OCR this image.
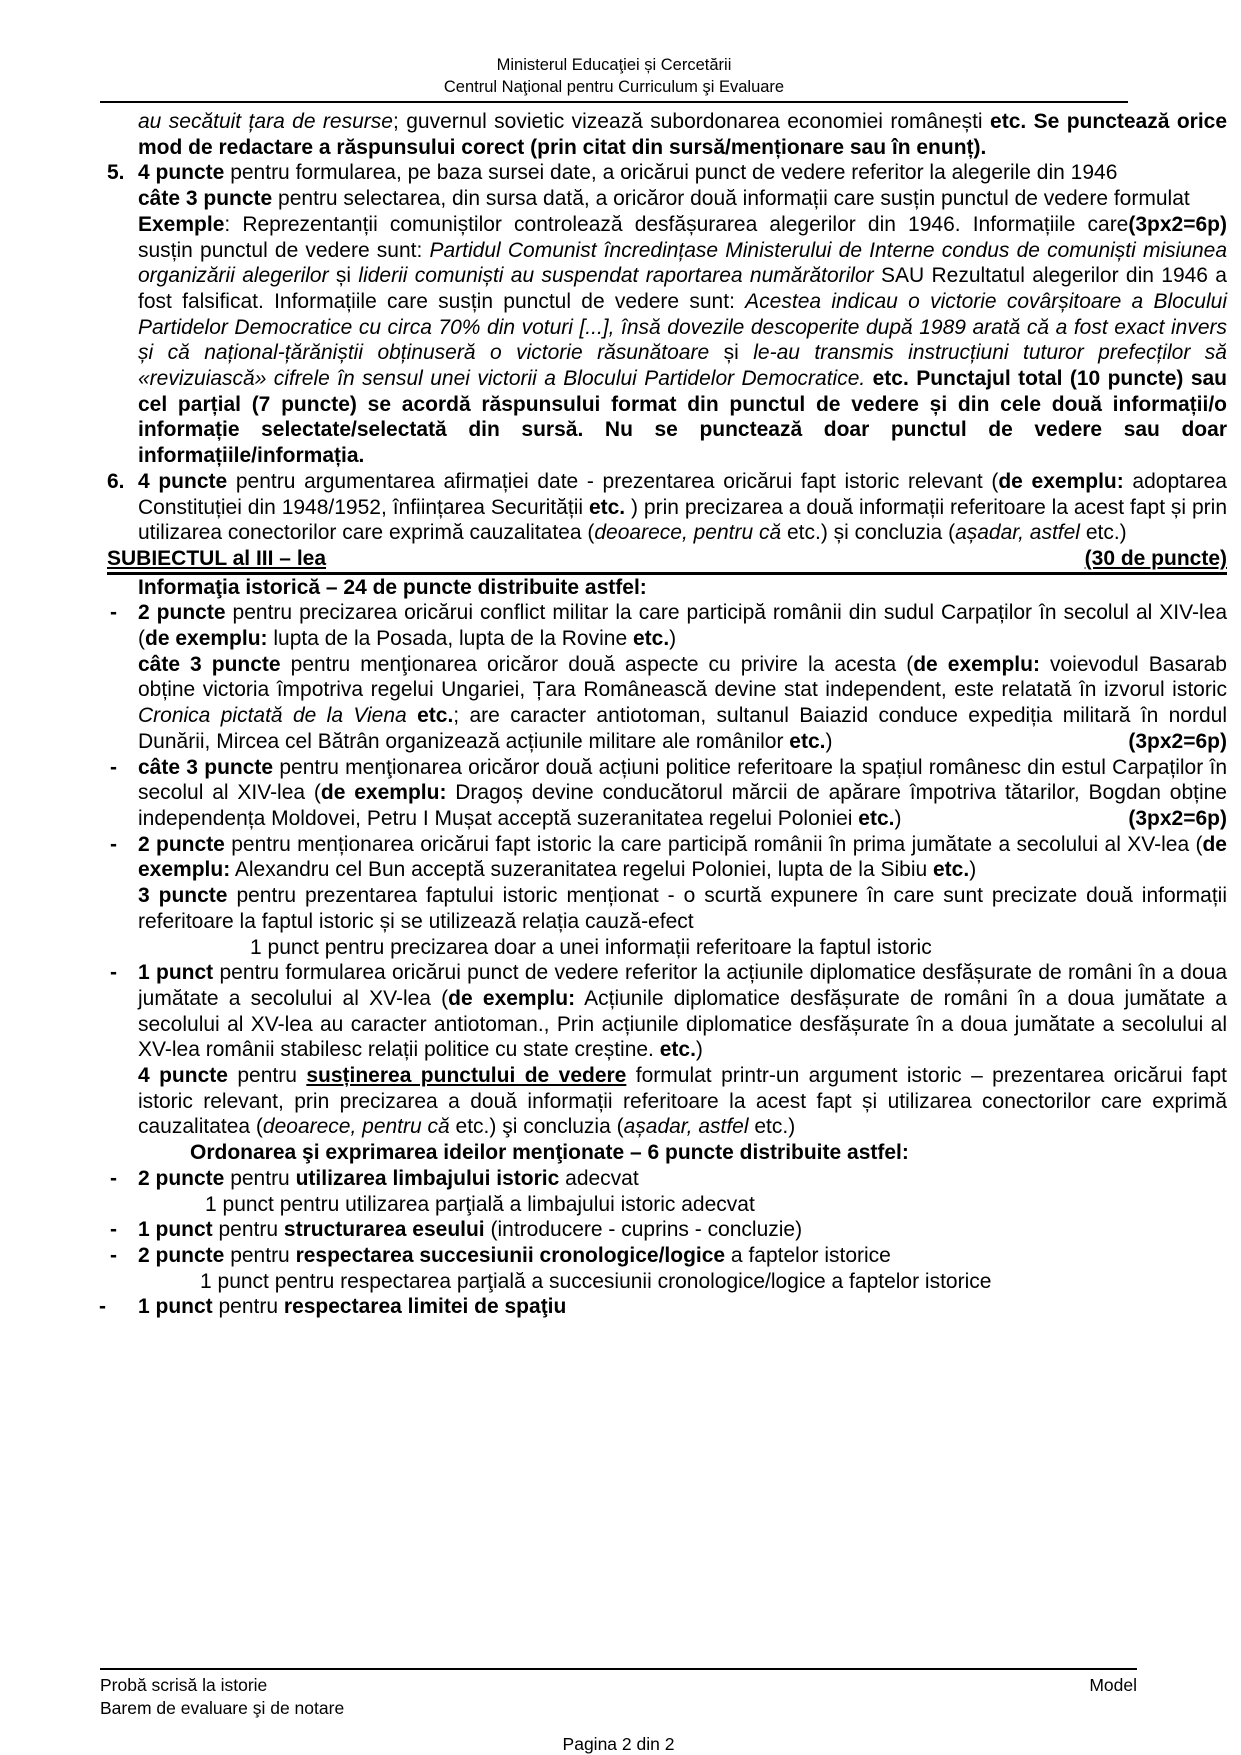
Ministerul Educaţiei și Cercetării
Centrul Naţional pentru Curriculum şi Evaluare
au secătuit țara de resurse; guvernul sovietic vizează subordonarea economiei românești etc. Se punctează orice mod de redactare a răspunsului corect (prin citat din sursă/menționare sau în enunț).
5. 4 puncte pentru formularea, pe baza sursei date, a oricărui punct de vedere referitor la alegerile din 1946
câte 3 puncte pentru selectarea, din sursa dată, a oricăror două informații care susțin punctul de vedere formulat
(3px2=6p)
Exemple: Reprezentanții comuniștilor controlează desfășurarea alegerilor din 1946. Informațiile care susțin punctul de vedere sunt: Partidul Comunist încredințase Ministerului de Interne condus de comuniști misiunea organizării alegerilor și liderii comuniști au suspendat raportarea numărătorilor SAU Rezultatul alegerilor din 1946 a fost falsificat. Informațiile care susțin punctul de vedere sunt: Acestea indicau o victorie covârșitoare a Blocului Partidelor Democratice cu circa 70% din voturi [...], însă dovezile descoperite după 1989 arată că a fost exact invers și că național-țărăniștii obținuseră o victorie răsunătoare și le-au transmis instrucțiuni tuturor prefecților să «revizuiască» cifrele în sensul unei victorii a Blocului Partidelor Democratice. etc. Punctajul total (10 puncte) sau cel parțial (7 puncte) se acordă răspunsului format din punctul de vedere și din cele două informații/o informație selectate/selectată din sursă. Nu se punctează doar punctul de vedere sau doar informațiile/informația.
6. 4 puncte pentru argumentarea afirmației date - prezentarea oricărui fapt istoric relevant (de exemplu: adoptarea Constituției din 1948/1952, înființarea Securității etc. ) prin precizarea a două informații referitoare la acest fapt și prin utilizarea conectorilor care exprimă cauzalitatea (deoarece, pentru că etc.) și concluzia (așadar, astfel etc.)
SUBIECTUL al III – lea	(30 de puncte)
Informaţia istorică – 24 de puncte distribuite astfel:
- 2 puncte pentru precizarea oricărui conflict militar la care participă românii din sudul Carpaților în secolul al XIV-lea (de exemplu: lupta de la Posada, lupta de la Rovine etc.)
câte 3 puncte pentru menţionarea oricăror două aspecte cu privire la acesta (de exemplu: voievodul Basarab obține victoria împotriva regelui Ungariei, Țara Românească devine stat independent, este relatată în izvorul istoric Cronica pictată de la Viena etc.; are caracter antiotoman, sultanul Baiazid conduce expediția militară în nordul Dunării, Mircea cel Bătrân organizează acțiunile militare ale românilor etc.)	(3px2=6p)
- câte 3 puncte pentru menţionarea oricăror două acțiuni politice referitoare la spațiul românesc din estul Carpaților în secolul al XIV-lea (de exemplu: Dragoș devine conducătorul mărcii de apărare împotriva tătarilor, Bogdan obține independența Moldovei, Petru I Mușat acceptă suzeranitatea regelui Poloniei etc.)	(3px2=6p)
- 2 puncte pentru menționarea oricărui fapt istoric la care participă românii în prima jumătate a secolului al XV-lea (de exemplu: Alexandru cel Bun acceptă suzeranitatea regelui Poloniei, lupta de la Sibiu etc.)
3 puncte pentru prezentarea faptului istoric menționat - o scurtă expunere în care sunt precizate două informații referitoare la faptul istoric și se utilizează relația cauză-efect
1 punct pentru precizarea doar a unei informații referitoare la faptul istoric
- 1 punct pentru formularea oricărui punct de vedere referitor la acțiunile diplomatice desfășurate de români în a doua jumătate a secolului al XV-lea (de exemplu: Acțiunile diplomatice desfășurate de români în a doua jumătate a secolului al XV-lea au caracter antiotoman., Prin acțiunile diplomatice desfășurate în a doua jumătate a secolului al XV-lea românii stabilesc relații politice cu state creștine. etc.)
4 puncte pentru susținerea punctului de vedere formulat printr-un argument istoric – prezentarea oricărui fapt istoric relevant, prin precizarea a două informații referitoare la acest fapt și utilizarea conectorilor care exprimă cauzalitatea (deoarece, pentru că etc.) şi concluzia (așadar, astfel etc.)
Ordonarea şi exprimarea ideilor menţionate – 6 puncte distribuite astfel:
- 2 puncte pentru utilizarea limbajului istoric adecvat
1 punct pentru utilizarea parţială a limbajului istoric adecvat
- 1 punct pentru structurarea eseului (introducere - cuprins - concluzie)
- 2 puncte pentru respectarea succesiunii cronologice/logice a faptelor istorice
1 punct pentru respectarea parţială a succesiunii cronologice/logice a faptelor istorice
- 1 punct pentru respectarea limitei de spaţiu
Probă scrisă la istorie	Model
Barem de evaluare şi de notare
Pagina 2 din 2
